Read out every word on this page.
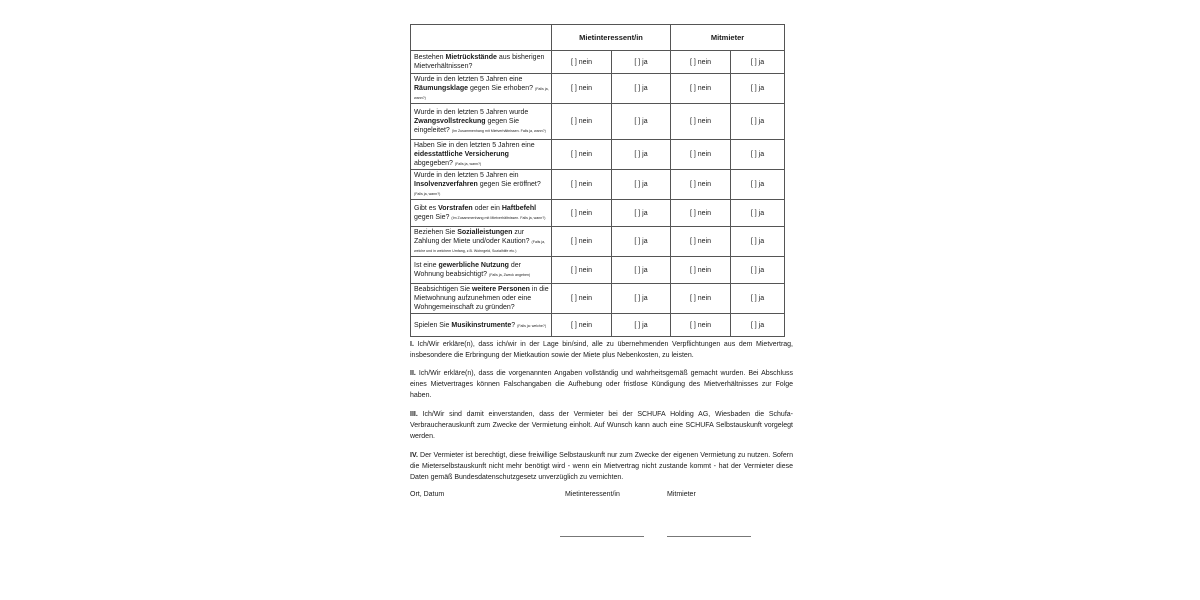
	Mietinteressent/in		Mitmieter	
Bestehen Mietrückstände aus bisherigen Mietverhältnissen?	[ ] nein	[ ] ja	[ ] nein	[ ] ja
Wurde in den letzten 5 Jahren eine Räumungsklage gegen Sie erhoben? (Falls ja, wann?)	[ ] nein	[ ] ja	[ ] nein	[ ] ja
Wurde in den letzten 5 Jahren wurde Zwangsvollstreckung gegen Sie eingeleitet? (Im Zusammenhang mit Mietverhältnissen. Falls ja, wann?)	[ ] nein	[ ] ja	[ ] nein	[ ] ja
Haben Sie in den letzten 5 Jahren eine eidesstattliche Versicherung abgegeben? (Falls ja, wann?)	[ ] nein	[ ] ja	[ ] nein	[ ] ja
Wurde in den letzten 5 Jahren ein Insolvenzverfahren gegen Sie eröffnet? (Falls ja, wann?)	[ ] nein	[ ] ja	[ ] nein	[ ] ja
Gibt es Vorstrafen oder ein Haftbefehl gegen Sie? (Im Zusammenhang mit Mietverhältnissen. Falls ja, wann?)	[ ] nein	[ ] ja	[ ] nein	[ ] ja
Beziehen Sie Sozialleistungen zur Zahlung der Miete und/oder Kaution? (Falls ja, welche und in welchem Umfang, z.B. Wohngeld, Sozialhilfe etc.)	[ ] nein	[ ] ja	[ ] nein	[ ] ja
Ist eine gewerbliche Nutzung der Wohnung beabsichtigt? (Falls ja, Zweck angeben)	[ ] nein	[ ] ja	[ ] nein	[ ] ja
Beabsichtigen Sie weitere Personen in die Mietwohnung aufzunehmen oder eine Wohngemeinschaft zu gründen?	[ ] nein	[ ] ja	[ ] nein	[ ] ja
Spielen Sie Musikinstrumente? (Falls ja: welche?)	[ ] nein	[ ] ja	[ ] nein	[ ] ja

I. Ich/Wir erkläre(n), dass ich/wir in der Lage bin/sind, alle zu übernehmenden Verpflichtungen aus dem Mietvertrag, insbesondere die Erbringung der Mietkaution sowie der Miete plus Nebenkosten, zu leisten.

II. Ich/Wir erkläre(n), dass die vorgenannten Angaben vollständig und wahrheitsgemäß gemacht wurden. Bei Abschluss eines Mietvertrages können Falschangaben die Aufhebung oder fristlose Kündigung des Mietverhältnisses zur Folge haben.

III. Ich/Wir sind damit einverstanden, dass der Vermieter bei der SCHUFA Holding AG, Wiesbaden die Schufa-Verbraucherauskunft zum Zwecke der Vermietung einholt. Auf Wunsch kann auch eine SCHUFA Selbstauskunft vorgelegt werden.

IV. Der Vermieter ist berechtigt, diese freiwillige Selbstauskunft nur zum Zwecke der eigenen Vermietung zu nutzen. Sofern die Mieterselbstauskunft nicht mehr benötigt wird - wenn ein Mietvertrag nicht zustande kommt - hat der Vermieter diese Daten gemäß Bundesdatenschutzgesetz unverzüglich zu vernichten.

Ort, Datum	Mietinteressent/in	Mitmieter
